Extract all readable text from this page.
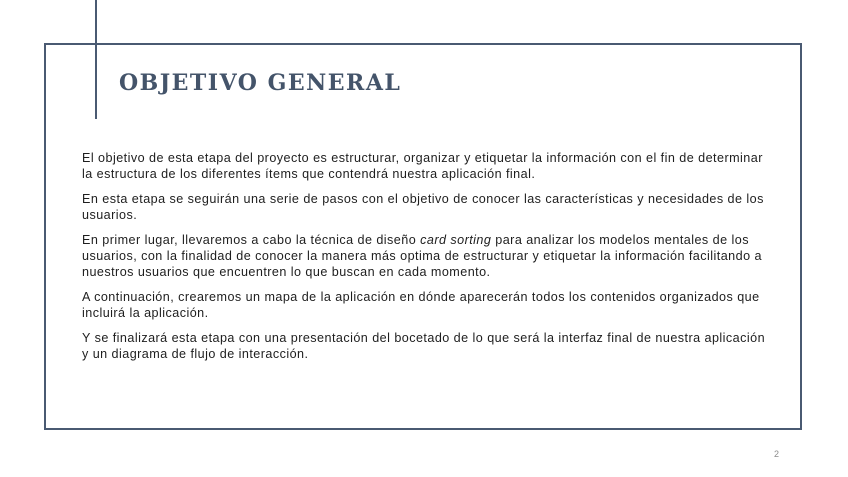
OBJETIVO GENERAL

El objetivo de esta etapa del proyecto es estructurar, organizar y etiquetar la información con el fin de determinar la estructura de los diferentes ítems que contendrá nuestra aplicación final.

En esta etapa se seguirán una serie de pasos con el objetivo de conocer las características y necesidades de los usuarios.

En primer lugar, llevaremos a cabo la técnica de diseño card sorting para analizar los modelos mentales de los usuarios, con la finalidad de conocer la manera más optima de estructurar y etiquetar la información facilitando a nuestros usuarios que encuentren lo que buscan en cada momento.

A continuación, crearemos un mapa de la aplicación en dónde aparecerán todos los contenidos organizados que incluirá la aplicación.

Y se finalizará esta etapa con una presentación del bocetado de lo que será la interfaz final de nuestra aplicación y un diagrama de flujo de interacción.

2
